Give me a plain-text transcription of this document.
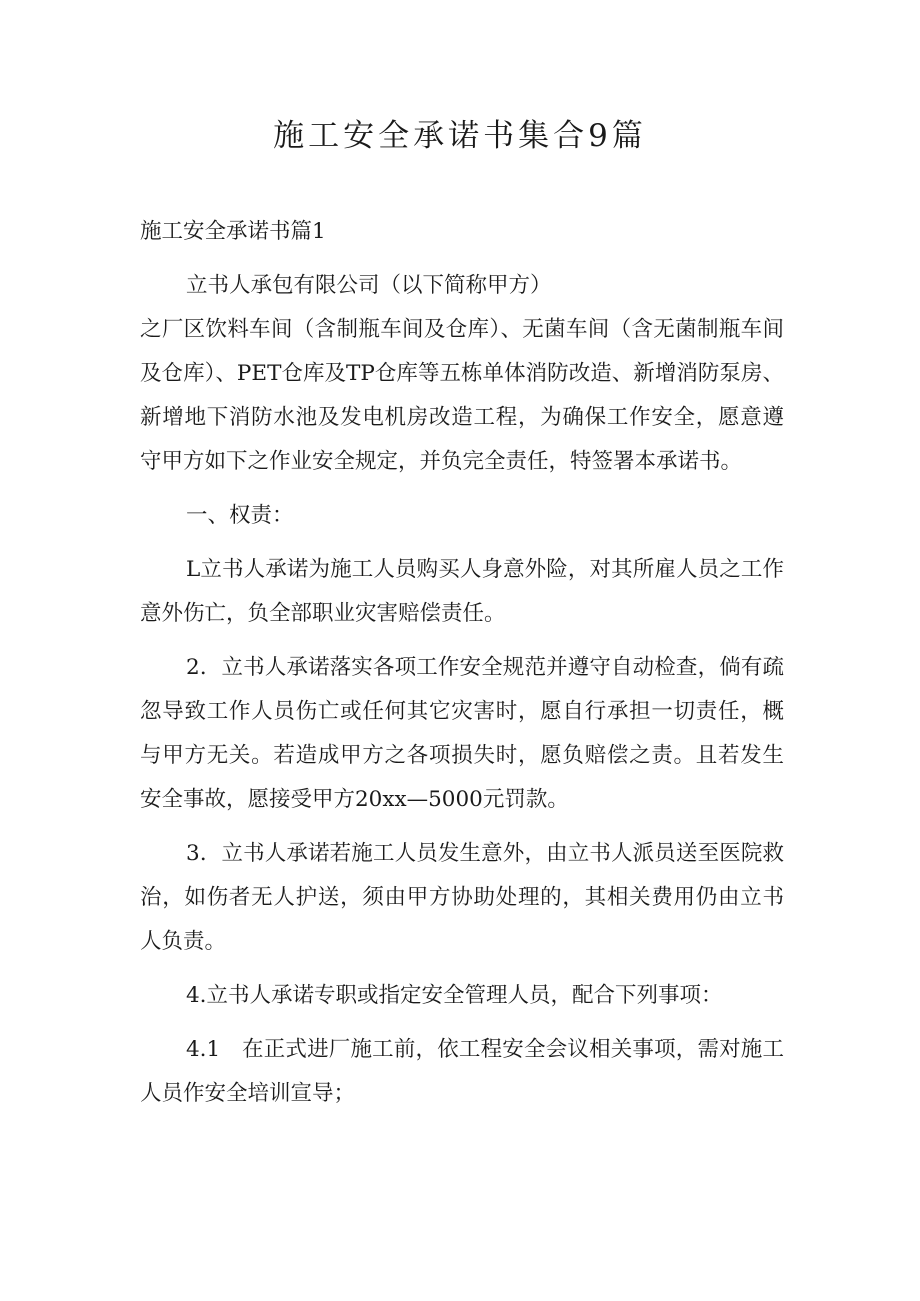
施工安全承诺书集合9篇

施工安全承诺书篇1

立书人承包有限公司（以下简称甲方）

之厂区饮料车间（含制瓶车间及仓库）、无菌车间（含无菌制瓶车间及仓库）、PET仓库及TP仓库等五栋单体消防改造、新增消防泵房、新增地下消防水池及发电机房改造工程，为确保工作安全，愿意遵守甲方如下之作业安全规定，并负完全责任，特签署本承诺书。

一、权责：

L立书人承诺为施工人员购买人身意外险，对其所雇人员之工作意外伤亡，负全部职业灾害赔偿责任。

2．立书人承诺落实各项工作安全规范并遵守自动检查，倘有疏忽导致工作人员伤亡或任何其它灾害时，愿自行承担一切责任，概与甲方无关。若造成甲方之各项损失时，愿负赔偿之责。且若发生安全事故，愿接受甲方20xx—5000元罚款。

3．立书人承诺若施工人员发生意外，由立书人派员送至医院救治，如伤者无人护送，须由甲方协助处理的，其相关费用仍由立书人负责。

4.立书人承诺专职或指定安全管理人员，配合下列事项：

4.1　在正式进厂施工前，依工程安全会议相关事项，需对施工人员作安全培训宣导；
